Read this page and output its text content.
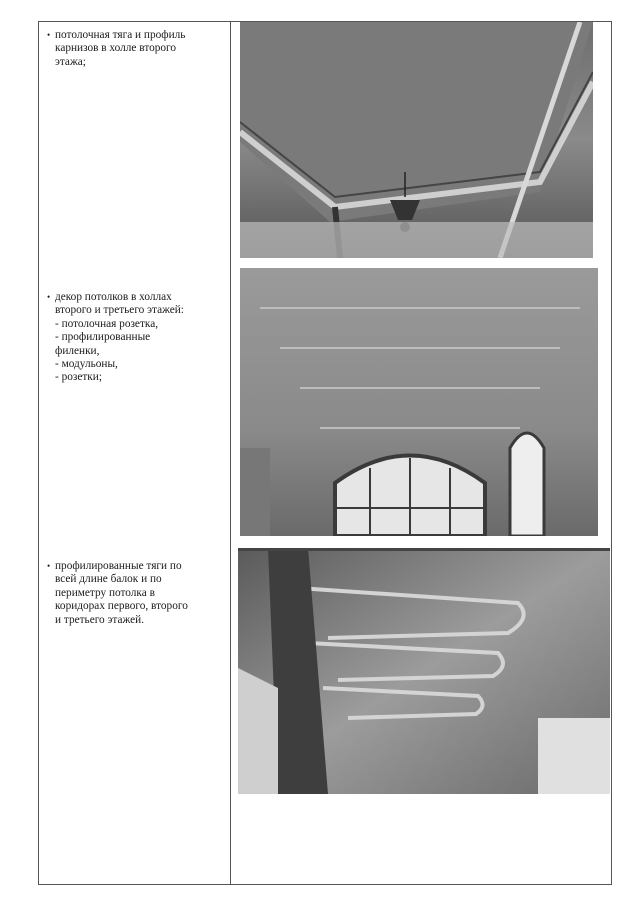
• потолочная тяга и профиль
карнизов в холле второго
этажа;
• декор потолков в холлах
второго и третьего этажей:
- потолочная розетка,
- профилированные
филенки,
- модульоны,
- розетки;
• профилированные тяги по
всей длине балок и по
периметру потолка в
коридорах первого, второго
и третьего этажей.
